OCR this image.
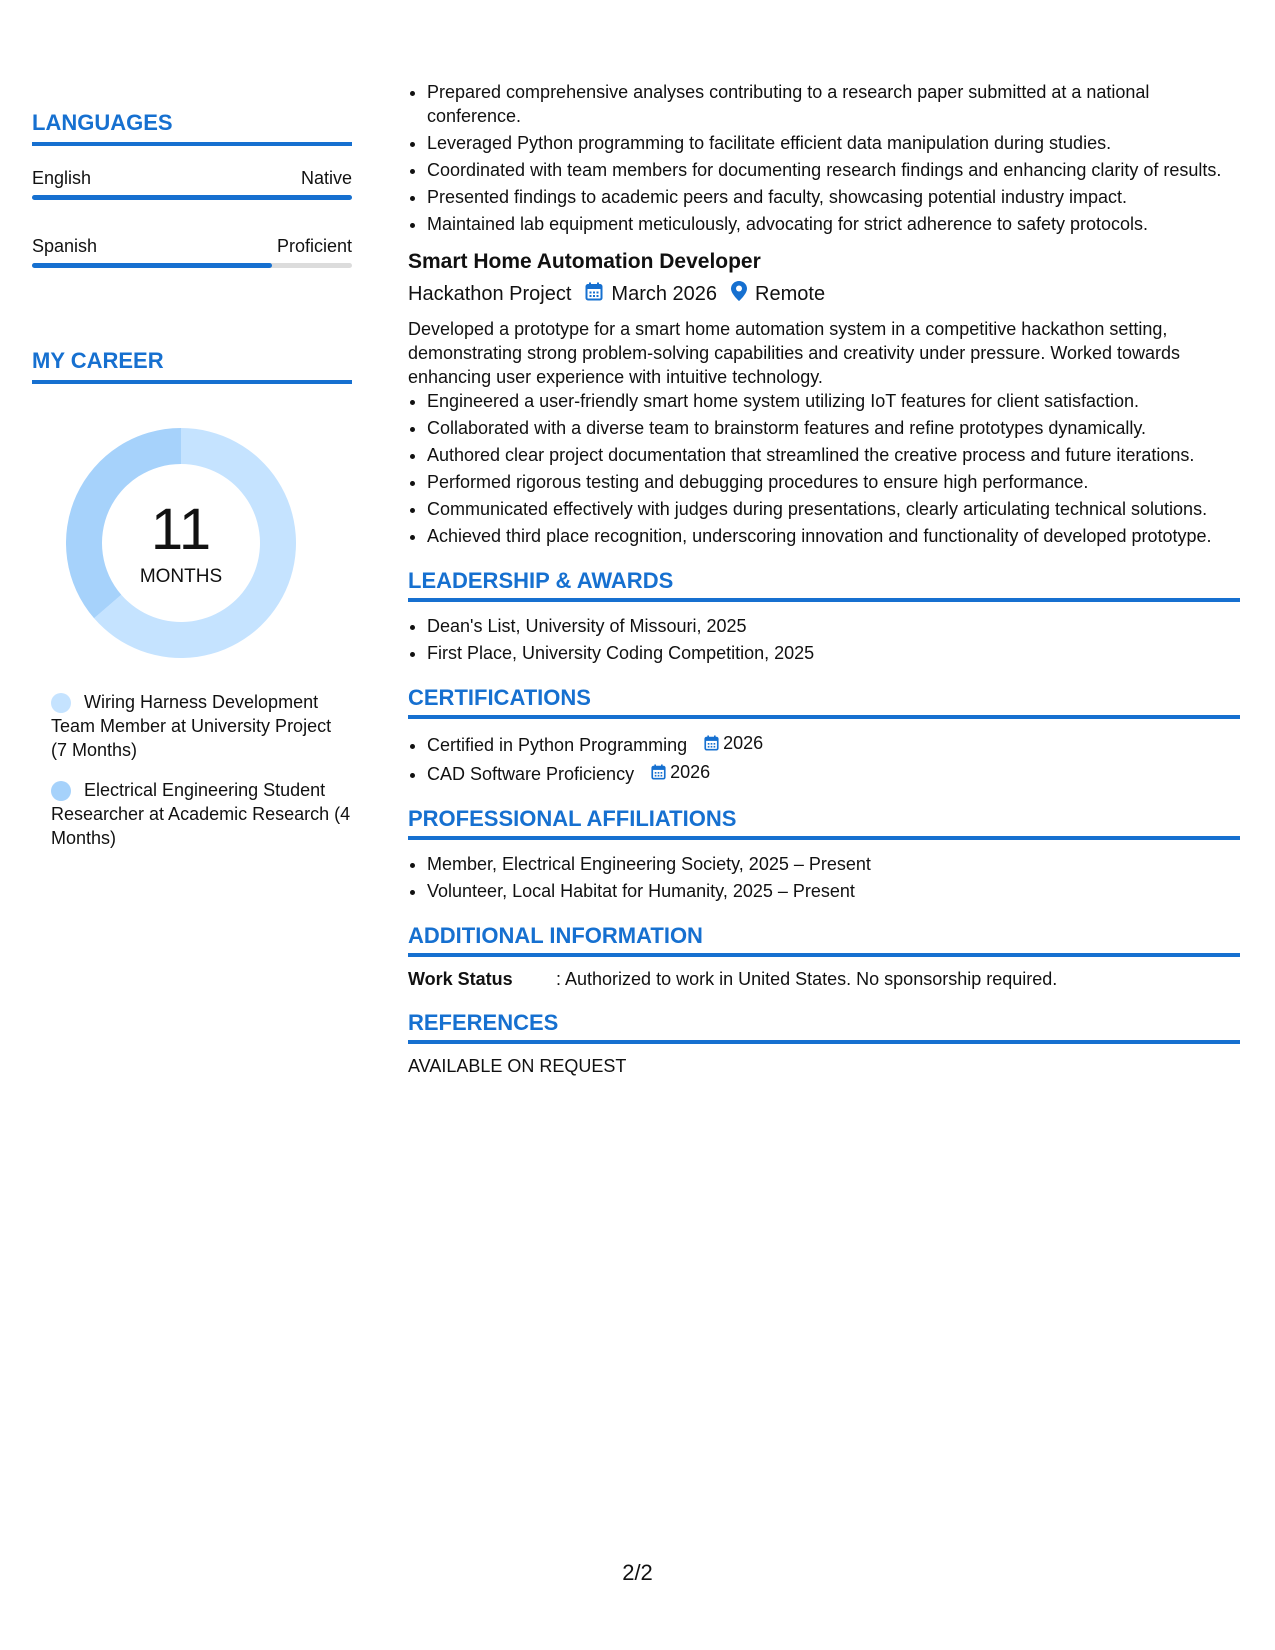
LANGUAGES
English	Native
Spanish	Proficient
MY CAREER
11
MONTHS
Wiring Harness Development Team Member at University Project (7 Months)
Electrical Engineering Student Researcher at Academic Research (4 Months)
• Prepared comprehensive analyses contributing to a research paper submitted at a national conference.
• Leveraged Python programming to facilitate efficient data manipulation during studies.
• Coordinated with team members for documenting research findings and enhancing clarity of results.
• Presented findings to academic peers and faculty, showcasing potential industry impact.
• Maintained lab equipment meticulously, advocating for strict adherence to safety protocols.
Smart Home Automation Developer
Hackathon Project March 2026 Remote
Developed a prototype for a smart home automation system in a competitive hackathon setting, demonstrating strong problem-solving capabilities and creativity under pressure. Worked towards enhancing user experience with intuitive technology.
• Engineered a user-friendly smart home system utilizing IoT features for client satisfaction.
• Collaborated with a diverse team to brainstorm features and refine prototypes dynamically.
• Authored clear project documentation that streamlined the creative process and future iterations.
• Performed rigorous testing and debugging procedures to ensure high performance.
• Communicated effectively with judges during presentations, clearly articulating technical solutions.
• Achieved third place recognition, underscoring innovation and functionality of developed prototype.
LEADERSHIP & AWARDS
• Dean's List, University of Missouri, 2025
• First Place, University Coding Competition, 2025
CERTIFICATIONS
• Certified in Python Programming 2026
• CAD Software Proficiency 2026
PROFESSIONAL AFFILIATIONS
• Member, Electrical Engineering Society, 2025 – Present
• Volunteer, Local Habitat for Humanity, 2025 – Present
ADDITIONAL INFORMATION
Work Status	: Authorized to work in United States. No sponsorship required.
REFERENCES
AVAILABLE ON REQUEST
2/2
